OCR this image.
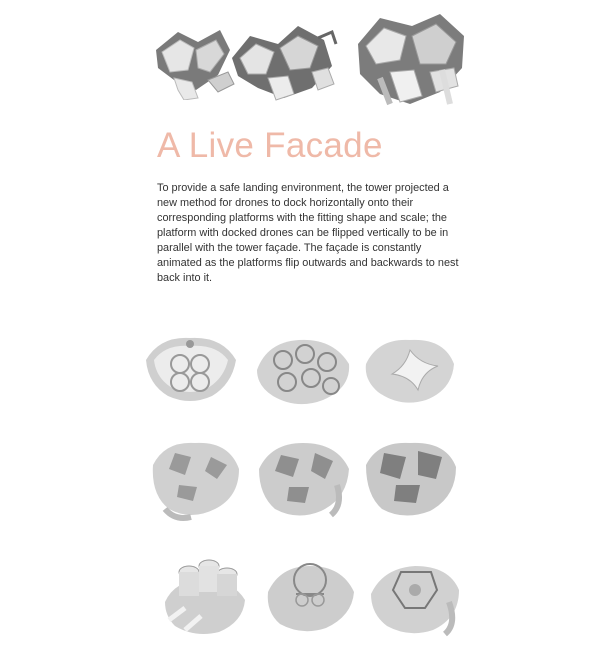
A Live Facade

To provide a safe landing environment, the tower projected a new method for drones to dock horizontally onto their corresponding platforms with the fitting shape and scale; the platform with docked drones can be flipped vertically to be in parallel with the tower façade. The façade is constantly animated as the platforms flip outwards and backwards to nest back into it.
